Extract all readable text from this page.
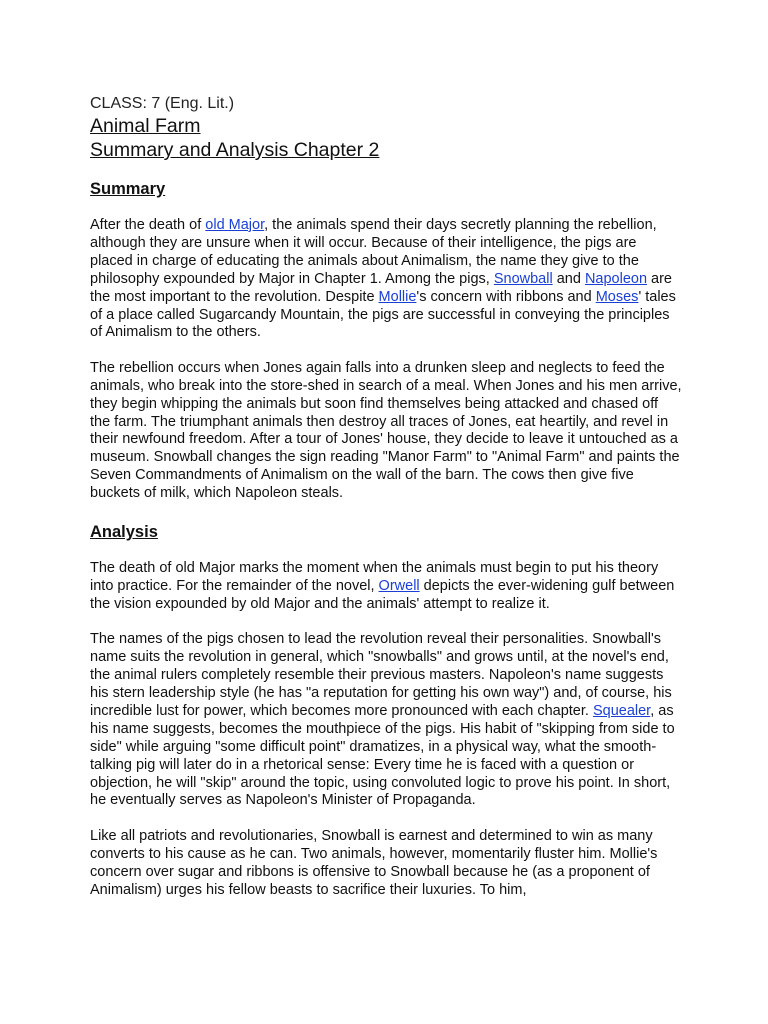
CLASS: 7 (Eng. Lit.)
Animal Farm
Summary and Analysis Chapter 2
Summary

After the death of old Major, the animals spend their days secretly planning the rebellion, although they are unsure when it will occur. Because of their intelligence, the pigs are placed in charge of educating the animals about Animalism, the name they give to the philosophy expounded by Major in Chapter 1. Among the pigs, Snowball and Napoleon are the most important to the revolution. Despite Mollie's concern with ribbons and Moses' tales of a place called Sugarcandy Mountain, the pigs are successful in conveying the principles of Animalism to the others.

The rebellion occurs when Jones again falls into a drunken sleep and neglects to feed the animals, who break into the store-shed in search of a meal. When Jones and his men arrive, they begin whipping the animals but soon find themselves being attacked and chased off the farm. The triumphant animals then destroy all traces of Jones, eat heartily, and revel in their newfound freedom. After a tour of Jones' house, they decide to leave it untouched as a museum. Snowball changes the sign reading "Manor Farm" to "Animal Farm" and paints the Seven Commandments of Animalism on the wall of the barn. The cows then give five buckets of milk, which Napoleon steals.

Analysis

The death of old Major marks the moment when the animals must begin to put his theory into practice. For the remainder of the novel, Orwell depicts the ever-widening gulf between the vision expounded by old Major and the animals' attempt to realize it.

The names of the pigs chosen to lead the revolution reveal their personalities. Snowball's name suits the revolution in general, which "snowballs" and grows until, at the novel's end, the animal rulers completely resemble their previous masters. Napoleon's name suggests his stern leadership style (he has "a reputation for getting his own way") and, of course, his incredible lust for power, which becomes more pronounced with each chapter. Squealer, as his name suggests, becomes the mouthpiece of the pigs. His habit of "skipping from side to side" while arguing "some difficult point" dramatizes, in a physical way, what the smooth-talking pig will later do in a rhetorical sense: Every time he is faced with a question or objection, he will "skip" around the topic, using convoluted logic to prove his point. In short, he eventually serves as Napoleon's Minister of Propaganda.

Like all patriots and revolutionaries, Snowball is earnest and determined to win as many converts to his cause as he can. Two animals, however, momentarily fluster him. Mollie's concern over sugar and ribbons is offensive to Snowball because he (as a proponent of Animalism) urges his fellow beasts to sacrifice their luxuries. To him,
